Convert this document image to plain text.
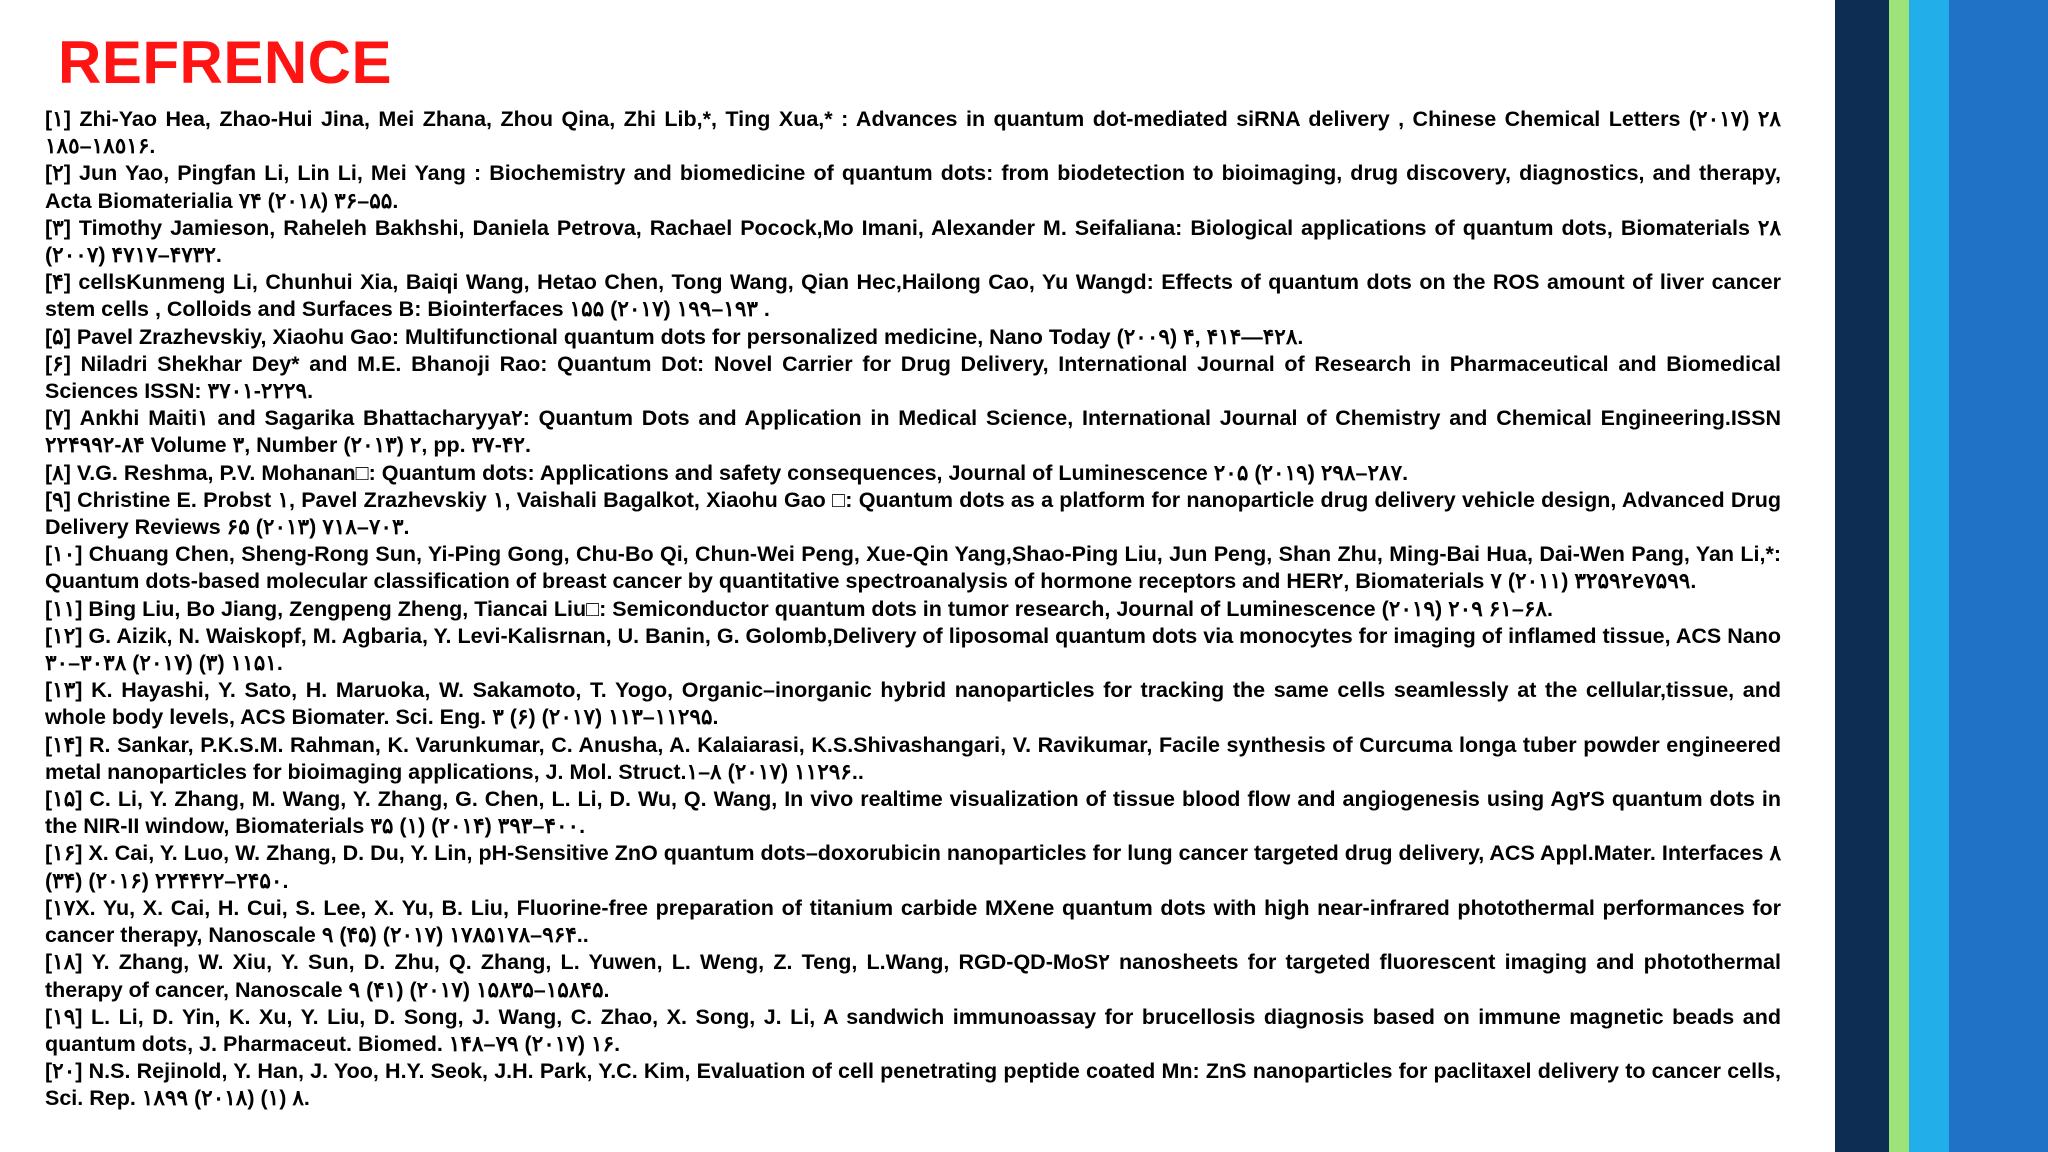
REFRENCE
[١] Zhi-Yao Hea, Zhao-Hui Jina, Mei Zhana, Zhou Qina, Zhi Lib,*, Ting Xua,* : Advances in quantum dot-mediated siRNA delivery , Chinese Chemical Letters ٢٨ (٢٠١٧) ١٨٥١–١٨٥۶.
[٢] Jun Yao, Pingfan Li, Lin Li, Mei Yang : Biochemistry and biomedicine of quantum dots: from biodetection to bioimaging, drug discovery, diagnostics, and therapy, Acta Biomaterialia ٧۴ (٢٠١٨) ٣۶–۵۵.
[٣] Timothy Jamieson, Raheleh Bakhshi, Daniela Petrova, Rachael Pocock,Mo Imani, Alexander M. Seifaliana: Biological applications of quantum dots, Biomaterials ٢٨ (٢٠٠٧) ۴٧١٧–۴٧٣٢.
[۴] cellsKunmeng Li, Chunhui Xia, Baiqi Wang, Hetao Chen, Tong Wang, Qian Hec,Hailong Cao, Yu Wangd: Effects of quantum dots on the ROS amount of liver cancer stem cells , Colloids and Surfaces B: Biointerfaces ١۵۵ (٢٠١٧) ١٩٣–١٩٩ .
[۵] Pavel Zrazhevskiy, Xiaohu Gao: Multifunctional quantum dots for personalized medicine, Nano Today (٢٠٠٩) ۴, ۴١۴—۴٢٨.
[۶] Niladri Shekhar Dey* and M.E. Bhanoji Rao: Quantum Dot: Novel Carrier for Drug Delivery, International Journal of Research in Pharmaceutical and Biomedical Sciences ISSN: ٢٢٢٩-٣٧٠١.
[٧] Ankhi Maiti١ and Sagarika Bhattacharyya٢: Quantum Dots and Application in Medical Science, International Journal of Chemistry and Chemical Engineering.ISSN ٢٢۴٨-٩٩٢۴ Volume ٣, Number ٢ (٢٠١٣), pp. ٣٧-۴٢.
[٨] V.G. Reshma, P.V. Mohanan□: Quantum dots: Applications and safety consequences, Journal of Luminescence ٢٠۵ (٢٠١٩) ٢٨٧–٢٩٨.
[٩] Christine E. Probst ١, Pavel Zrazhevskiy ١, Vaishali Bagalkot, Xiaohu Gao □: Quantum dots as a platform for nanoparticle drug delivery vehicle design, Advanced Drug Delivery Reviews ۶۵ (٢٠١٣) ٧٠٣–٧١٨.
[١٠] Chuang Chen, Sheng-Rong Sun, Yi-Ping Gong, Chu-Bo Qi, Chun-Wei Peng, Xue-Qin Yang,Shao-Ping Liu, Jun Peng, Shan Zhu, Ming-Bai Hua, Dai-Wen Pang, Yan Li,*: Quantum dots-based molecular classification of breast cancer by quantitative spectroanalysis of hormone receptors and HER٢, Biomaterials ٣٢ (٢٠١١) ٧۵٩٢e٧۵٩٩.
[١١] Bing Liu, Bo Jiang, Zengpeng Zheng, Tiancai Liu□: Semiconductor quantum dots in tumor research, Journal of Luminescence ٢٠٩ (٢٠١٩) ۶١–۶٨.
[١٢] G. Aizik, N. Waiskopf, M. Agbaria, Y. Levi-Kalisrnan, U. Banin, G. Golomb,Delivery of liposomal quantum dots via monocytes for imaging of inflamed tissue, ACS Nano ١١ (٣) (٢٠١٧) ٣٠٣٨–٣٠۵١.
[١٣] K. Hayashi, Y. Sato, H. Maruoka, W. Sakamoto, T. Yogo, Organic–inorganic hybrid nanoparticles for tracking the same cells seamlessly at the cellular,tissue, and whole body levels, ACS Biomater. Sci. Eng. ٣ (۶) (٢٠١٧) ١١٢٩–١١٣۵.
[١۴] R. Sankar, P.K.S.M. Rahman, K. Varunkumar, C. Anusha, A. Kalaiarasi, K.S.Shivashangari, V. Ravikumar, Facile synthesis of Curcuma longa tuber powder engineered metal nanoparticles for bioimaging applications, J. Mol. Struct.١١٢٩ (٢٠١٧) ٨–١۶..
[١۵] C. Li, Y. Zhang, M. Wang, Y. Zhang, G. Chen, L. Li, D. Wu, Q. Wang, In vivo realtime visualization of tissue blood flow and angiogenesis using Ag٢S quantum dots in the NIR-II window, Biomaterials ٣۵ (١) (٢٠١۴) ٣٩٣–۴٠٠.
[١۶] X. Cai, Y. Luo, W. Zhang, D. Du, Y. Lin, pH-Sensitive ZnO quantum dots–doxorubicin nanoparticles for lung cancer targeted drug delivery, ACS Appl.Mater. Interfaces ٨ (٣۴) (٢٠١۶) ٢٢۴۴٢–٢٢۴۵٠.
[١٧X. Yu, X. Cai, H. Cui, S. Lee, X. Yu, B. Liu, Fluorine-free preparation of titanium carbide MXene quantum dots with high near-infrared photothermal performances for cancer therapy, Nanoscale ٩ (۴۵) (٢٠١٧) ١٧٨۵٩–١٧٨۶۴..
[١٨] Y. Zhang, W. Xiu, Y. Sun, D. Zhu, Q. Zhang, L. Yuwen, L. Weng, Z. Teng, L.Wang, RGD-QD-MoS٢ nanosheets for targeted fluorescent imaging and photothermal therapy of cancer, Nanoscale ٩ (۴١) (٢٠١٧) ١۵٨٣۵–١۵٨۴۵.
[١٩] L. Li, D. Yin, K. Xu, Y. Liu, D. Song, J. Wang, C. Zhao, X. Song, J. Li, A sandwich immunoassay for brucellosis diagnosis based on immune magnetic beads and quantum dots, J. Pharmaceut. Biomed. ١۴١ (٢٠١٧) ٧٩–٨۶.
[٢٠] N.S. Rejinold, Y. Han, J. Yoo, H.Y. Seok, J.H. Park, Y.C. Kim, Evaluation of cell penetrating peptide coated Mn: ZnS nanoparticles for paclitaxel delivery to cancer cells, Sci. Rep. ٨ (١) (٢٠١٨) ١٨٩٩.
